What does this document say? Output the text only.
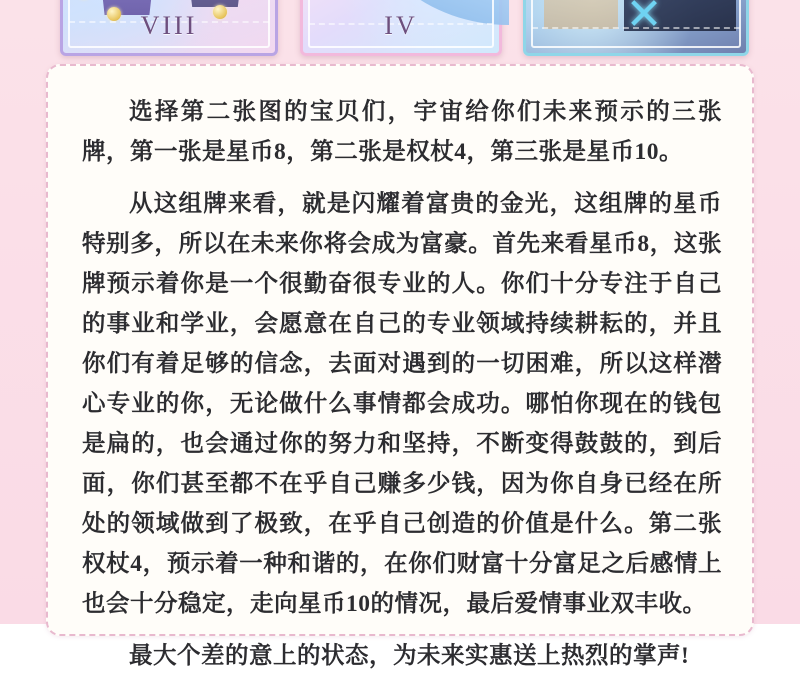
VIII	IV	✕

选择第二张图的宝贝们，宇宙给你们未来预示的三张牌，第一张是星币8，第二张是权杖4，第三张是星币10。

从这组牌来看，就是闪耀着富贵的金光，这组牌的星币特别多，所以在未来你将会成为富豪。首先来看星币8，这张牌预示着你是一个很勤奋很专业的人。你们十分专注于自己的事业和学业，会愿意在自己的专业领域持续耕耘的，并且你们有着足够的信念，去面对遇到的一切困难，所以这样潜心专业的你，无论做什么事情都会成功。哪怕你现在的钱包是扁的，也会通过你的努力和坚持，不断变得鼓鼓的，到后面，你们甚至都不在乎自己赚多少钱，因为你自身已经在所处的领域做到了极致，在乎自己创造的价值是什么。第二张权杖4，预示着一种和谐的，在你们财富十分富足之后感情上也会十分稳定，走向星币10的情况，最后爱情事业双丰收。

最大个差的意上的状态，为未来实惠送上热烈的掌声!
